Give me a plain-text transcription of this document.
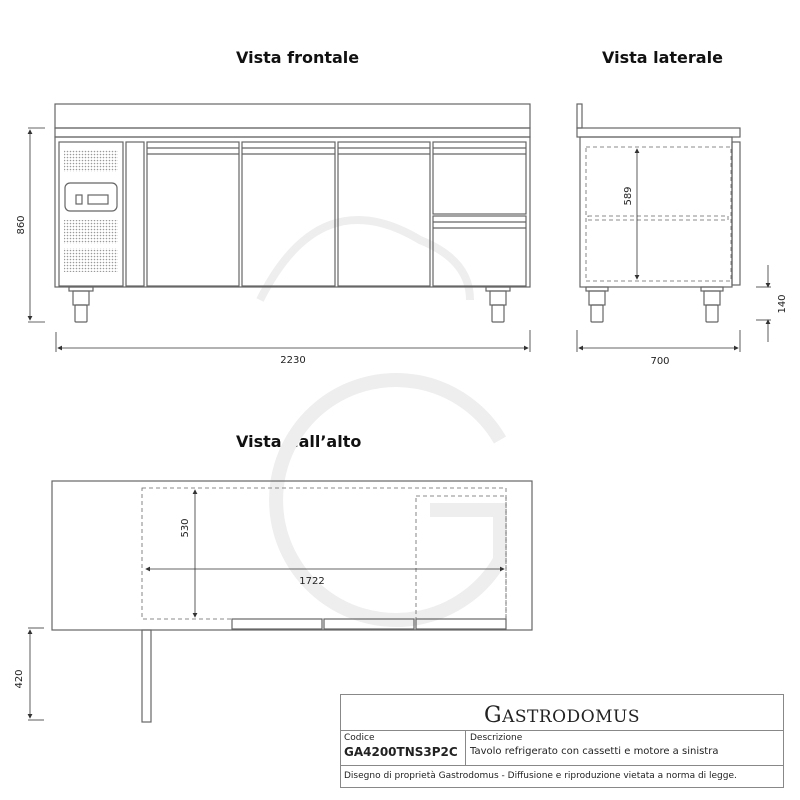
Vista frontale	Vista laterale
Vista dall’alto
860
2230
589
700
140
530
1722
420
GASTRODOMUS
Codice
GA4200TNS3P2C
Descrizione
Tavolo refrigerato con cassetti e motore a sinistra
Disegno di proprietà Gastrodomus - Diffusione e riproduzione vietata a norma di legge.
